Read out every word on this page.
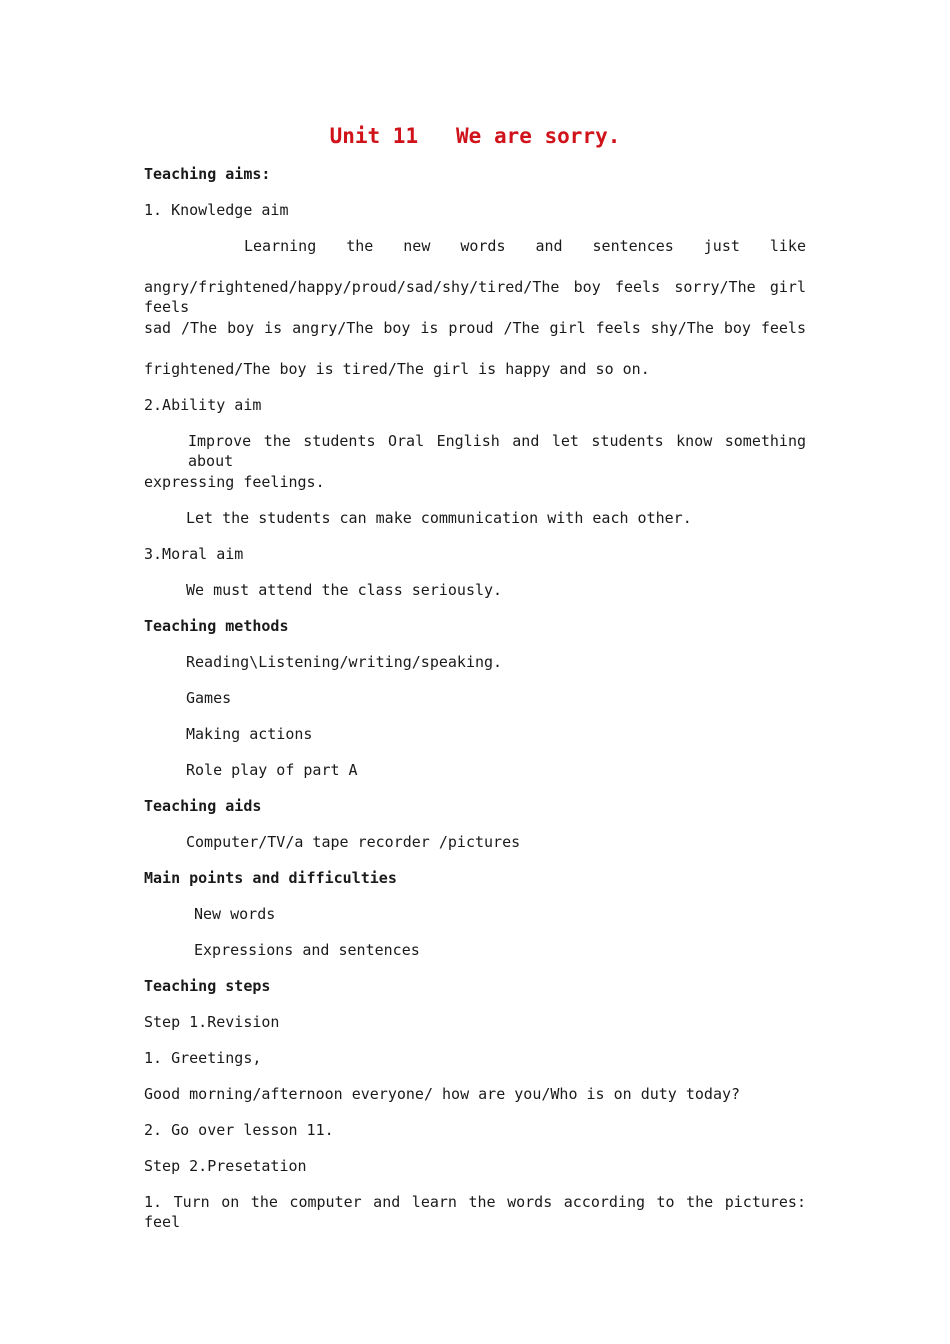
Unit 11   We are sorry.
Teaching aims:
1. Knowledge aim
Learning the new words and sentences just like
angry/frightened/happy/proud/sad/shy/tired/The boy feels sorry/The girl feels
sad /The boy is angry/The boy is proud /The girl feels shy/The boy feels
frightened/The boy is tired/The girl is happy and so on.
2.Ability aim
Improve the students Oral English and let students know something about
expressing feelings.
Let the students can make communication with each other.
3.Moral aim
We must attend the class seriously.
Teaching methods
Reading\Listening/writing/speaking.
Games
Making actions
Role play of part A
Teaching aids
Computer/TV/a tape recorder /pictures
Main points and difficulties
New words
Expressions and sentences
Teaching steps
Step 1.Revision
1. Greetings,
Good morning/afternoon everyone/ how are you/Who is on duty today?
2. Go over lesson 11.
Step 2.Presetation
1. Turn on the computer and learn the words according to the pictures: feel
